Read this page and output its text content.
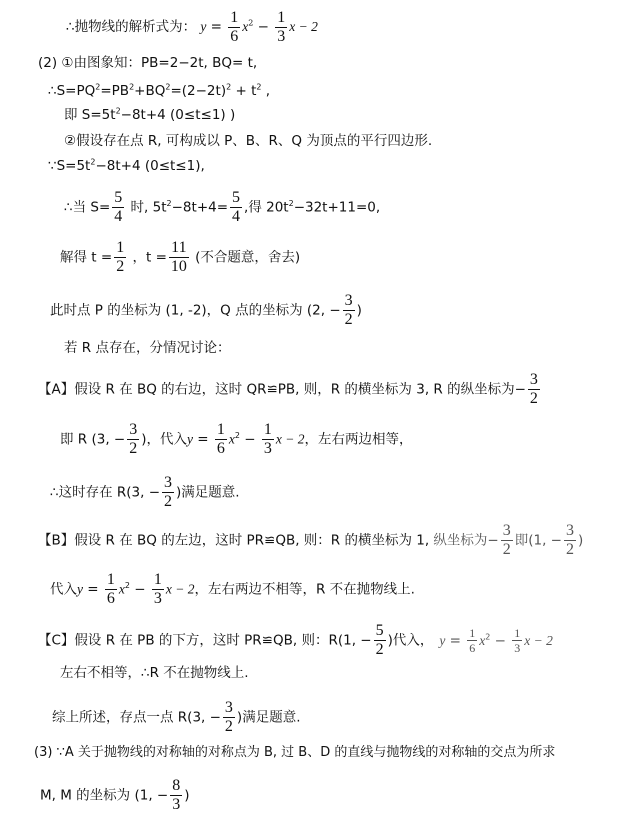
∴抛物线的解析式为： $y = \frac{1}{6} x^2 - \frac{1}{3}$ x − 2
(2) ①由图象知：PB=2−2t, BQ= t,
$\therefore S=PQ^2=PB^2+BQ^2=(2-2t)^2 + t^2$ ,
即 $S=5t^2-8t+4$ (0≤t≤1) )
②假设存在点 R, 可构成以 P、B、R、Q 为顶点的平行四边形.
$\because S=5t^2-8t+4$ (0≤t≤1),
∴当 $S= \frac{5}{4}$ 时, $5t^2-8t+4= \frac{5}{4}$ ,得 $20t^2-32t+11=0$,
解得 $t = \frac{1}{2}$ ，$t = \frac{11}{10}$ (不合题意，舍去)
此时点 P 的坐标为 (1, -2)，Q 点的坐标为 (2, − $\frac{3}{2}$ )
若 R 点存在，分情况讨论：
【A】假设 R 在 BQ 的右边，这时 QR≌PB, 则，R 的横坐标为 3, R 的纵坐标为− $\frac{3}{2}$
即 R (3, − $\frac{3}{2}$ )，代入$y = \frac{1}{6} x^2 - \frac{1}{3}$ x − 2，左右两边相等，
∴这时存在 R(3, − $\frac{3}{2}$ )满足题意.
【B】假设 R 在 BQ 的左边，这时 PR≌QB, 则：R 的横坐标为 1, 纵坐标为− $\frac{3}{2}$ 即(1, − $\frac{3}{2}$ )
代入$y = \frac{1}{6} x^2 - \frac{1}{3}$ x − 2，左右两边不相等，R 不在抛物线上.
【C】假设 R 在 PB 的下方，这时 PR≌QB, 则：R(1, − $\frac{5}{2}$ )代入， $y = \frac{1}{6} x^2 - \frac{1}{3}$ x − 2
左右不相等，∴R 不在抛物线上.
综上所述，存点一点 R(3, − $\frac{3}{2}$ )满足题意.
(3) ∵A 关于抛物线的对称轴的对称点为 B, 过 B、D 的直线与抛物线的对称轴的交点为所求
M, M 的坐标为 (1, − $\frac{8}{3}$ )
